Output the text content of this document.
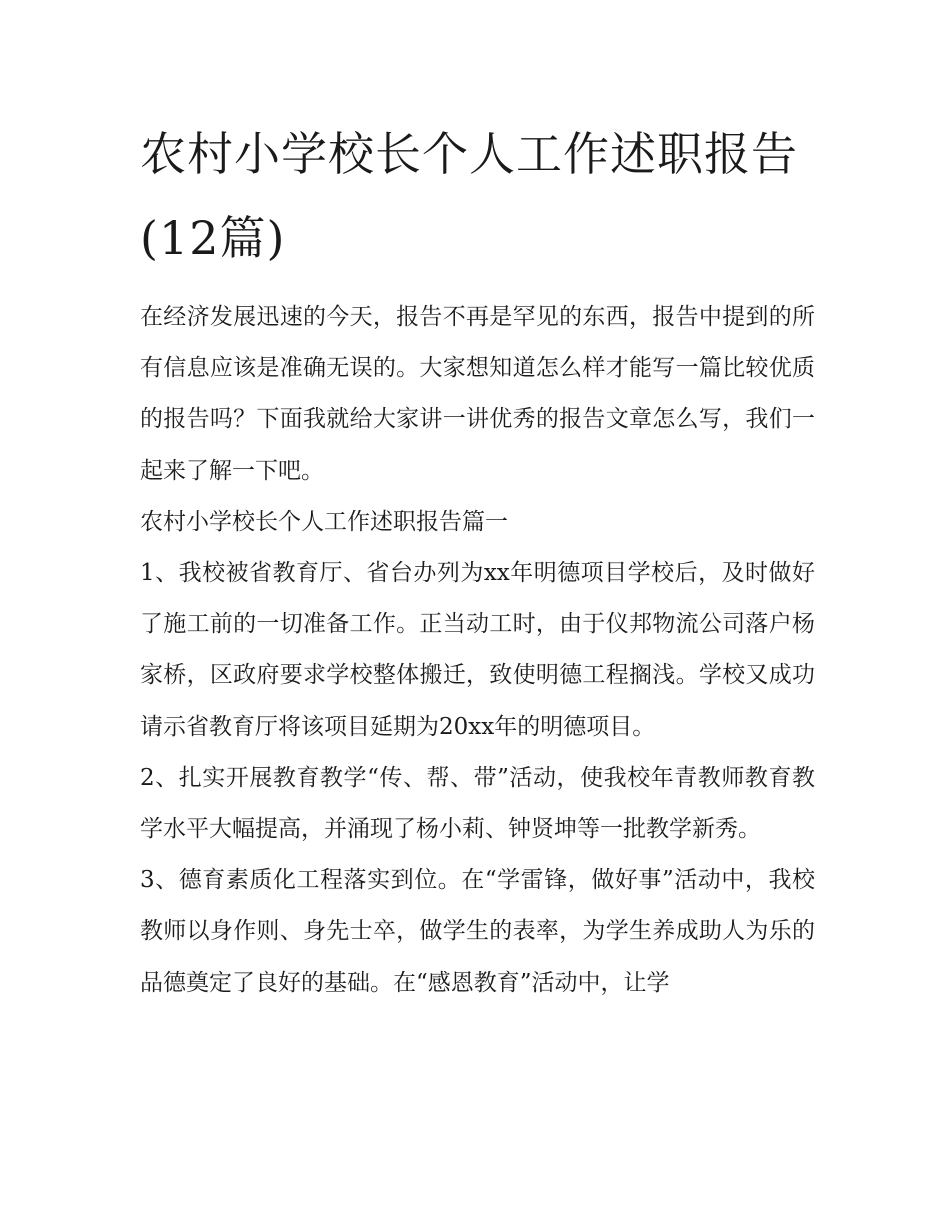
农村小学校长个人工作述职报告(12篇)

在经济发展迅速的今天，报告不再是罕见的东西，报告中提到的所有信息应该是准确无误的。大家想知道怎么样才能写一篇比较优质的报告吗？下面我就给大家讲一讲优秀的报告文章怎么写，我们一起来了解一下吧。

农村小学校长个人工作述职报告篇一

1、我校被省教育厅、省台办列为xx年明德项目学校后，及时做好了施工前的一切准备工作。正当动工时，由于仪邦物流公司落户杨家桥，区政府要求学校整体搬迁，致使明德工程搁浅。学校又成功请示省教育厅将该项目延期为20xx年的明德项目。

2、扎实开展教育教学“传、帮、带”活动，使我校年青教师教育教学水平大幅提高，并涌现了杨小莉、钟贤坤等一批教学新秀。

3、德育素质化工程落实到位。在“学雷锋，做好事”活动中，我校教师以身作则、身先士卒，做学生的表率，为学生养成助人为乐的品德奠定了良好的基础。在“感恩教育”活动中，让学
